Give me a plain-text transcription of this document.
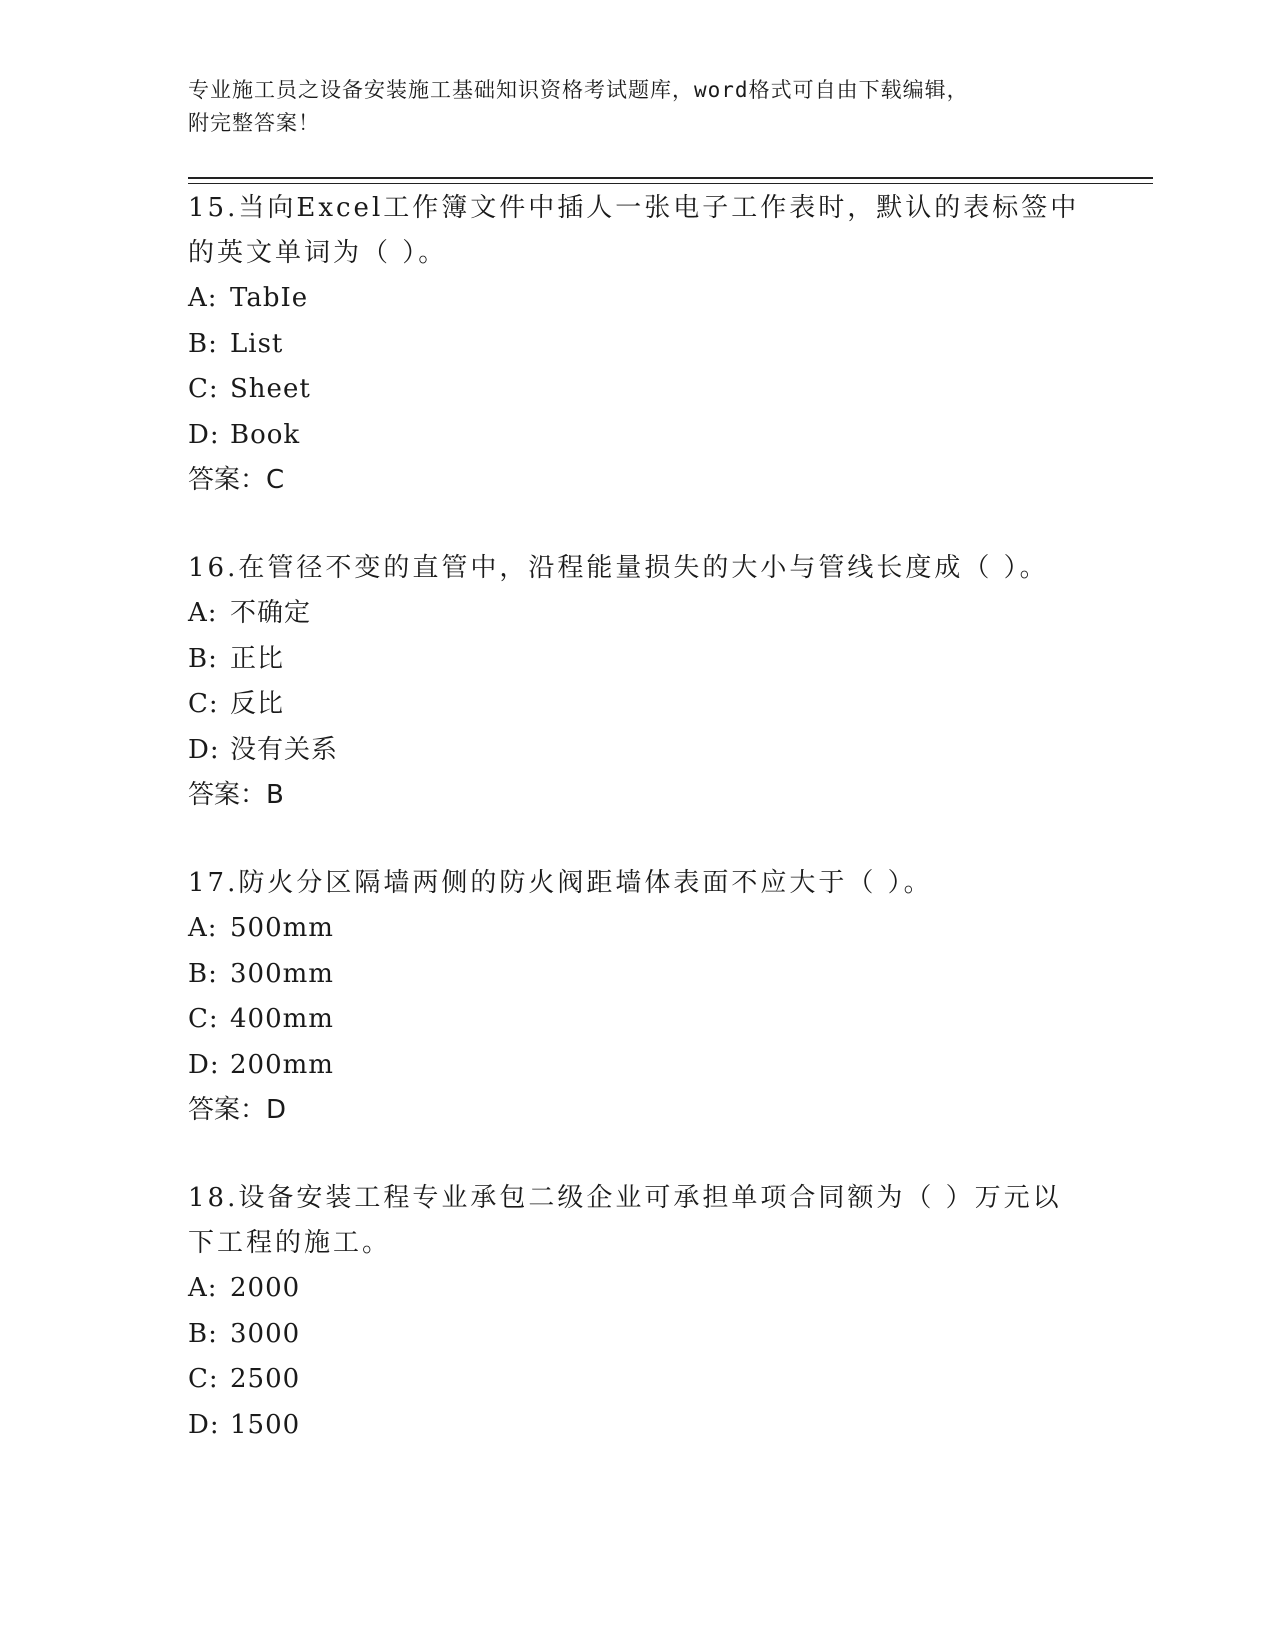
专业施工员之设备安装施工基础知识资格考试题库，word格式可自由下载编辑，
附完整答案！

15.当向Excel工作簿文件中插人一张电子工作表时，默认的表标签中

的英文单词为（ ）。

A: TabIe

B: List

C: Sheet

D: Book

答案：C

16.在管径不变的直管中，沿程能量损失的大小与管线长度成（ ）。

A: 不确定

B: 正比

C: 反比

D: 没有关系

答案：B

17.防火分区隔墙两侧的防火阀距墙体表面不应大于（ ）。

A: 500mm

B: 300mm

C: 400mm

D: 200mm

答案：D

18.设备安装工程专业承包二级企业可承担单项合同额为（ ）万元以

下工程的施工。

A: 2000

B: 3000

C: 2500

D: 1500
